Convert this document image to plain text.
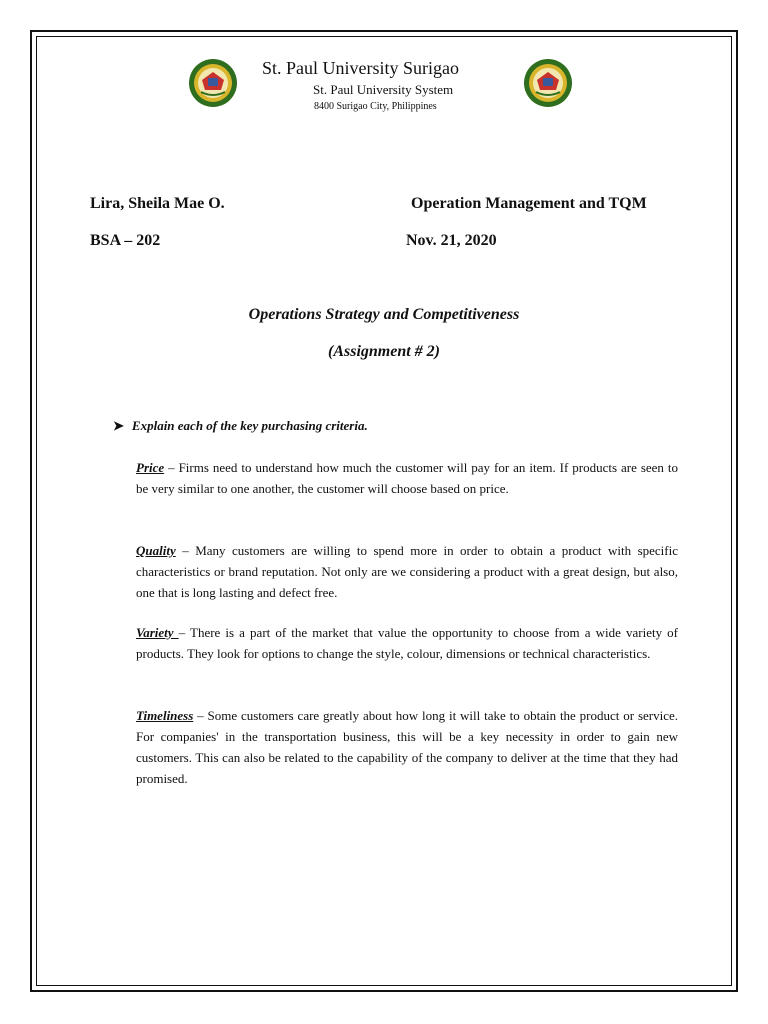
St. Paul University Surigao
St. Paul University System
8400 Surigao City, Philippines
Lira, Sheila Mae O.	Operation Management and TQM
BSA – 202	Nov. 21, 2020
Operations Strategy and Competitiveness
(Assignment # 2)
➤ Explain each of the key purchasing criteria.
Price – Firms need to understand how much the customer will pay for an item. If products are seen to be very similar to one another, the customer will choose based on price.
Quality – Many customers are willing to spend more in order to obtain a product with specific characteristics or brand reputation. Not only are we considering a product with a great design, but also, one that is long lasting and defect free.
Variety – There is a part of the market that value the opportunity to choose from a wide variety of products. They look for options to change the style, colour, dimensions or technical characteristics.
Timeliness – Some customers care greatly about how long it will take to obtain the product or service. For companies' in the transportation business, this will be a key necessity in order to gain new customers. This can also be related to the capability of the company to deliver at the time that they had promised.
